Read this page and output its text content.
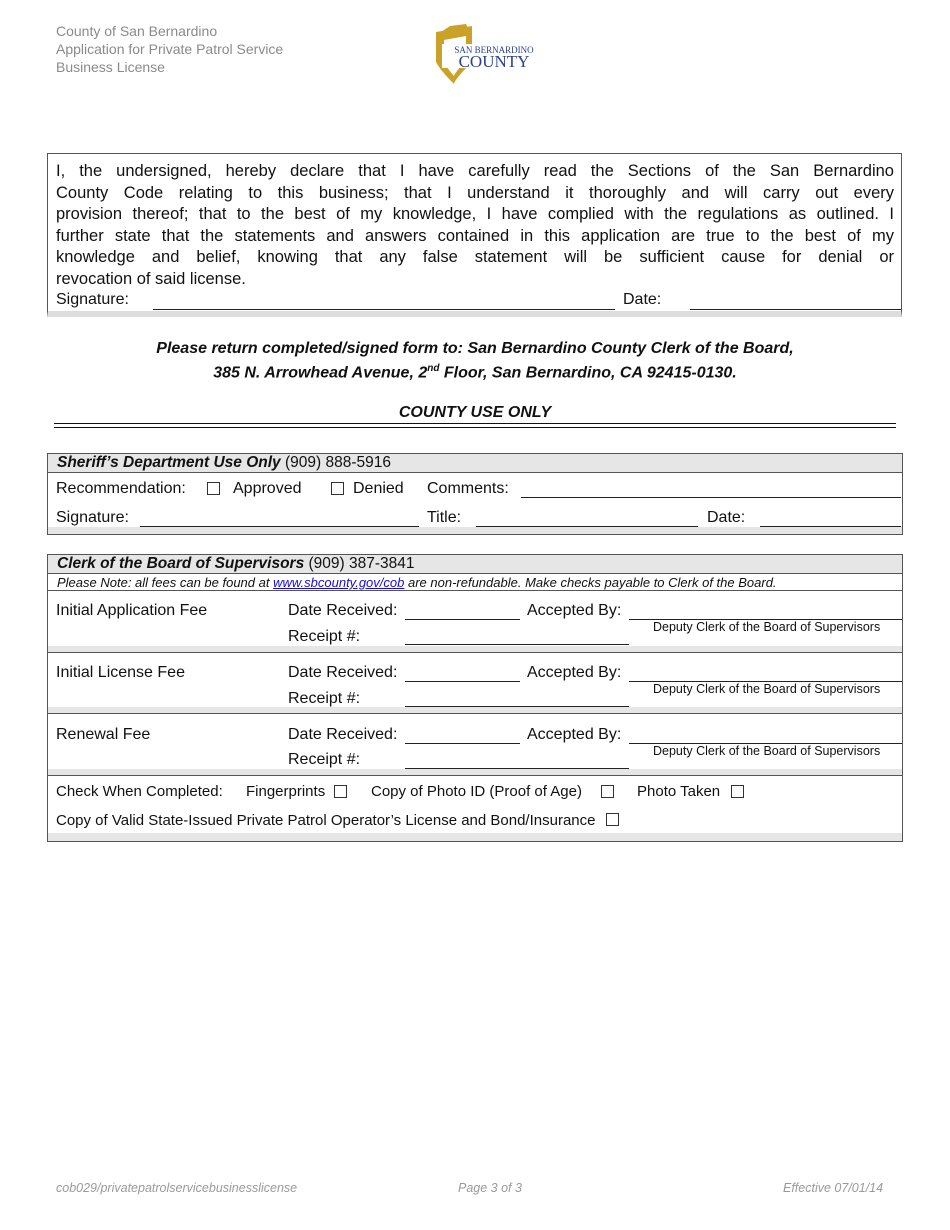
County of San Bernardino
Application for Private Patrol Service
Business License
SAN BERNARDINO
COUNTY
I, the undersigned, hereby declare that I have carefully read the Sections of the San Bernardino
County Code relating to this business; that I understand it thoroughly and will carry out every
provision thereof; that to the best of my knowledge, I have complied with the regulations as outlined. I
further state that the statements and answers contained in this application are true to the best of my
knowledge and belief, knowing that any false statement will be sufficient cause for denial or
revocation of said license.
Signature:	Date:
Please return completed/signed form to: San Bernardino County Clerk of the Board,
385 N. Arrowhead Avenue, 2nd Floor, San Bernardino, CA 92415-0130.
COUNTY USE ONLY
Sheriff’s Department Use Only (909) 888-5916
Recommendation:	Approved	Denied Comments:
Signature:	Title:	Date:
Clerk of the Board of Supervisors (909) 387-3841
Please Note: all fees can be found at www.sbcounty.gov/cob are non-refundable. Make checks payable to Clerk of the Board.
Initial Application Fee	Date Received:	Accepted By:
Deputy Clerk of the Board of Supervisors
Receipt #:
Initial License Fee	Date Received:	Accepted By:
Deputy Clerk of the Board of Supervisors
Receipt #:
Renewal Fee	Date Received:	Accepted By:
Deputy Clerk of the Board of Supervisors
Receipt #:
Check When Completed: Fingerprints	Copy of Photo ID (Proof of Age)	Photo Taken
Copy of Valid State-Issued Private Patrol Operator’s License and Bond/Insurance
cob029/privatepatrolservicebusinesslicense	Page 3 of 3	Effective 07/01/14
